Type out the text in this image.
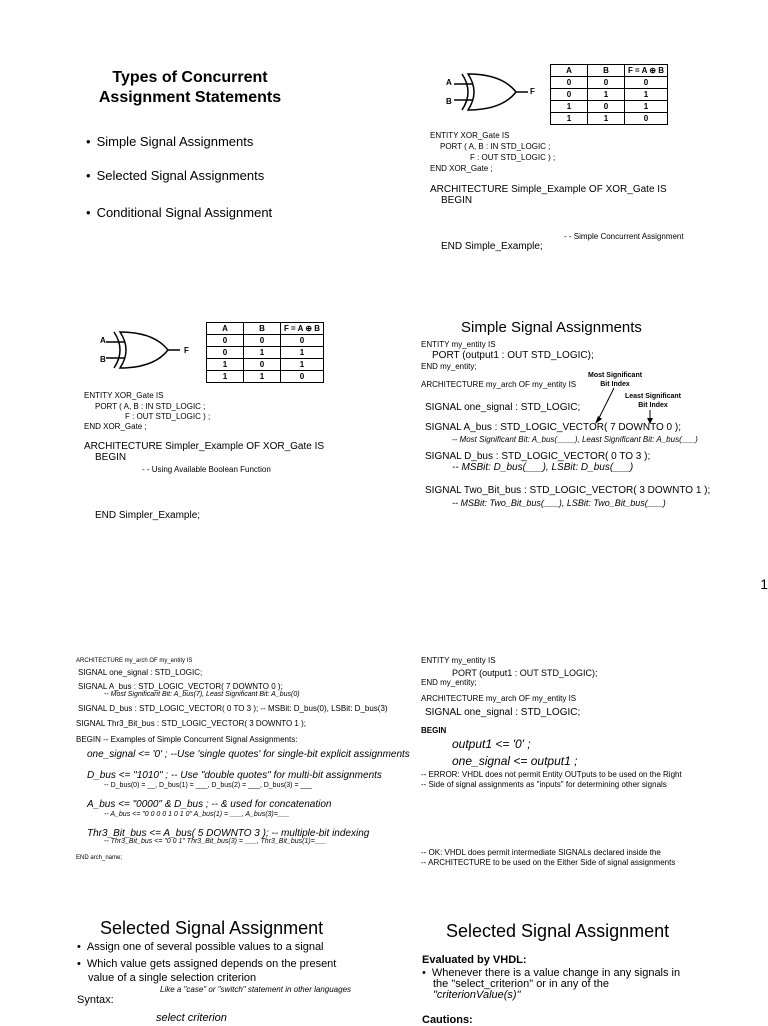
Types of Concurrent Assignment Statements
• Simple Signal Assignments
• Selected Signal Assignments
• Conditional Signal Assignment
A
B
F
A	B	F = A ⊕ B
0	0	0
0	1	1
1	0	1
1	1	0
ENTITY XOR_Gate IS
PORT ( A, B : IN STD_LOGIC ;
F : OUT STD_LOGIC ) ;
END XOR_Gate ;
ARCHITECTURE Simple_Example OF XOR_Gate IS
BEGIN
- - Simple Concurrent Assignment
END Simple_Example;
A
B
F
A	B	F = A ⊕ B
0	0	0
0	1	1
1	0	1
1	1	0
ENTITY XOR_Gate IS
PORT ( A, B : IN STD_LOGIC ;
F : OUT STD_LOGIC ) ;
END XOR_Gate ;
ARCHITECTURE Simpler_Example OF XOR_Gate IS
BEGIN
- - Using Available Boolean Function
END Simpler_Example;
Simple Signal Assignments
ENTITY my_entity IS
PORT (output1 : OUT STD_LOGIC);
END my_entity;
ARCHITECTURE my_arch OF my_entity IS
Most Significant
Bit Index
Least Significant
Bit Index
SIGNAL one_signal : STD_LOGIC;
SIGNAL A_bus : STD_LOGIC_VECTOR( 7 DOWNTO 0 );
-- Most Significant Bit: A_bus(____), Least Significant Bit: A_bus(___)
SIGNAL D_bus : STD_LOGIC_VECTOR( 0 TO 3 );
-- MSBit: D_bus(___), LSBit: D_bus(___)
SIGNAL Two_Bit_bus : STD_LOGIC_VECTOR( 3 DOWNTO 1 );
-- MSBit: Two_Bit_bus(___), LSBit: Two_Bit_bus(___)
1
ARCHITECTURE my_arch OF my_entity IS
SIGNAL one_signal : STD_LOGIC;
SIGNAL A_bus : STD_LOGIC_VECTOR( 7 DOWNTO 0 );
-- Most Significant Bit: A_bus(7), Least Significant Bit: A_bus(0)
SIGNAL D_bus : STD_LOGIC_VECTOR( 0 TO 3 ); -- MSBit: D_bus(0), LSBit: D_bus(3)
SIGNAL Thr3_Bit_bus : STD_LOGIC_VECTOR( 3 DOWNTO 1 );
BEGIN -- Examples of Simple Concurrent Signal Assignments:
one_signal <= '0' ; --Use 'single quotes' for single-bit explicit assignments
D_bus <= "1010" ; -- Use "double quotes" for multi-bit assignments
-- D_bus(0) = __, D_bus(1) = ___, D_bus(2) = ___, D_bus(3) = ___
A_bus <= "0000" & D_bus ; -- & used for concatenation
-- A_bus <= "0 0 0 0 1 0 1 0" A_bus(1) = ___, A_bus(3)=___
Thr3_Bit_bus <= A_bus( 5 DOWNTO 3 ); -- multiple-bit indexing
-- Thr3_Bit_bus <= "0 0 1" Thr3_Bit_bus(3) = ___, Thr3_Bit_bus(1)=___
END arch_name;
ENTITY my_entity IS
PORT (output1 : OUT STD_LOGIC);
END my_entity;
ARCHITECTURE my_arch OF my_entity IS
SIGNAL one_signal : STD_LOGIC;
BEGIN
output1 <= '0' ;
one_signal <= output1 ;
-- ERROR: VHDL does not permit Entity OUTputs to be used on the Right
-- Side of signal assignments as "inputs" for determining other signals
-- OK: VHDL does permit intermediate SIGNALs declared inside the
-- ARCHITECTURE to be used on the Either Side of signal assignments
Selected Signal Assignment
• Assign one of several possible values to a signal
• Which value gets assigned depends on the present
value of a single selection criterion
Like a "case" or "switch" statement in other languages
Syntax:
select criterion
Selected Signal Assignment
Evaluated by VHDL:
• Whenever there is a value change in any signals in
the "select_criterion" or in any of the
"criterionValue(s)"
Cautions:
